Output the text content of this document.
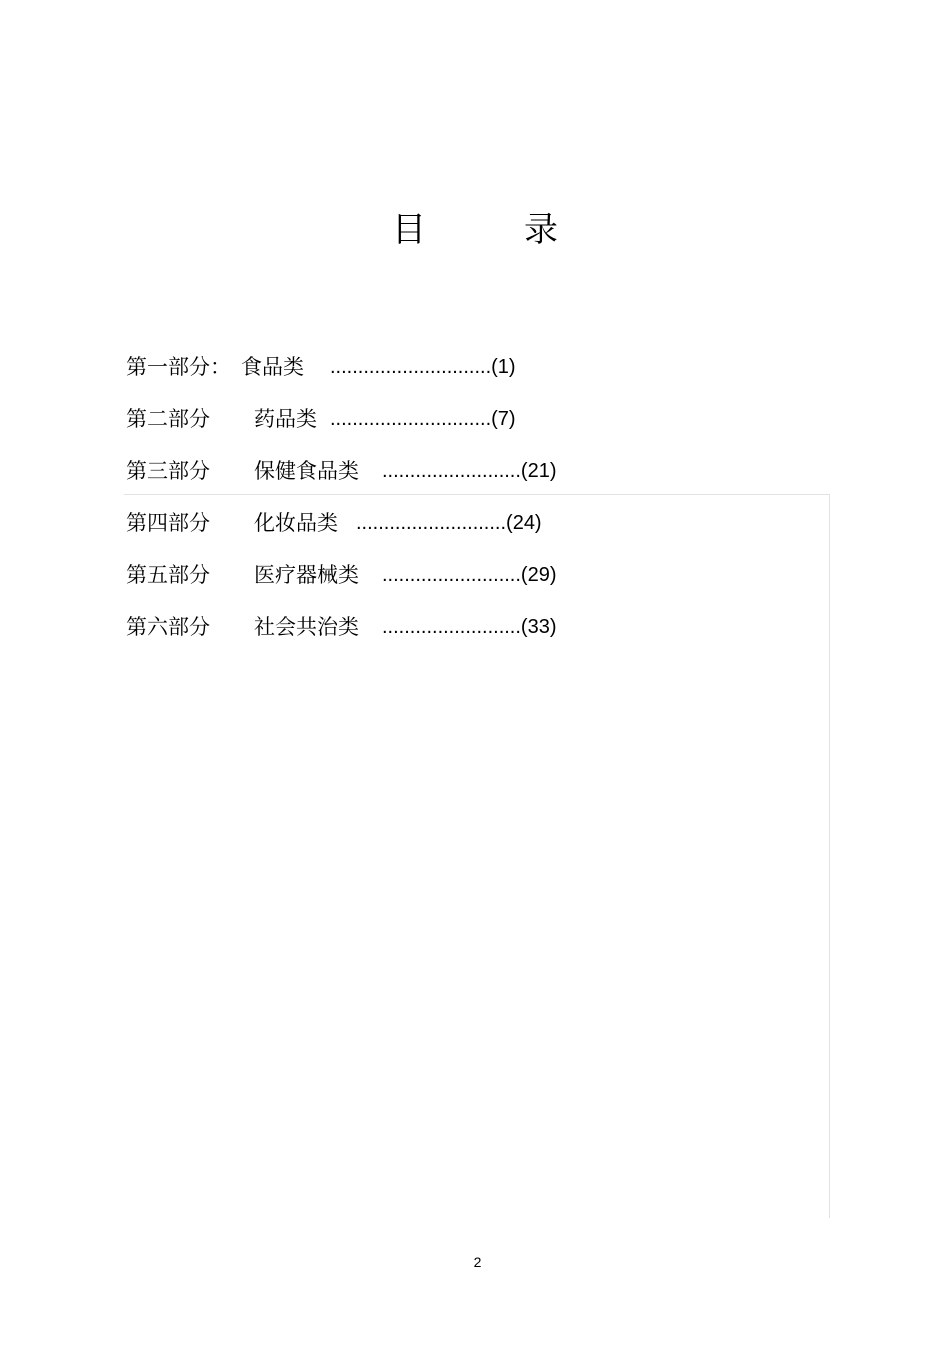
目　录
第一部分： 食品类 .............................(1)
第二部分 药品类 .............................(7)
第三部分 保健食品类 .........................(21)
第四部分 化妆品类 ...........................(24)
第五部分 医疗器械类 .........................(29)
第六部分 社会共治类 .........................(33)
2
